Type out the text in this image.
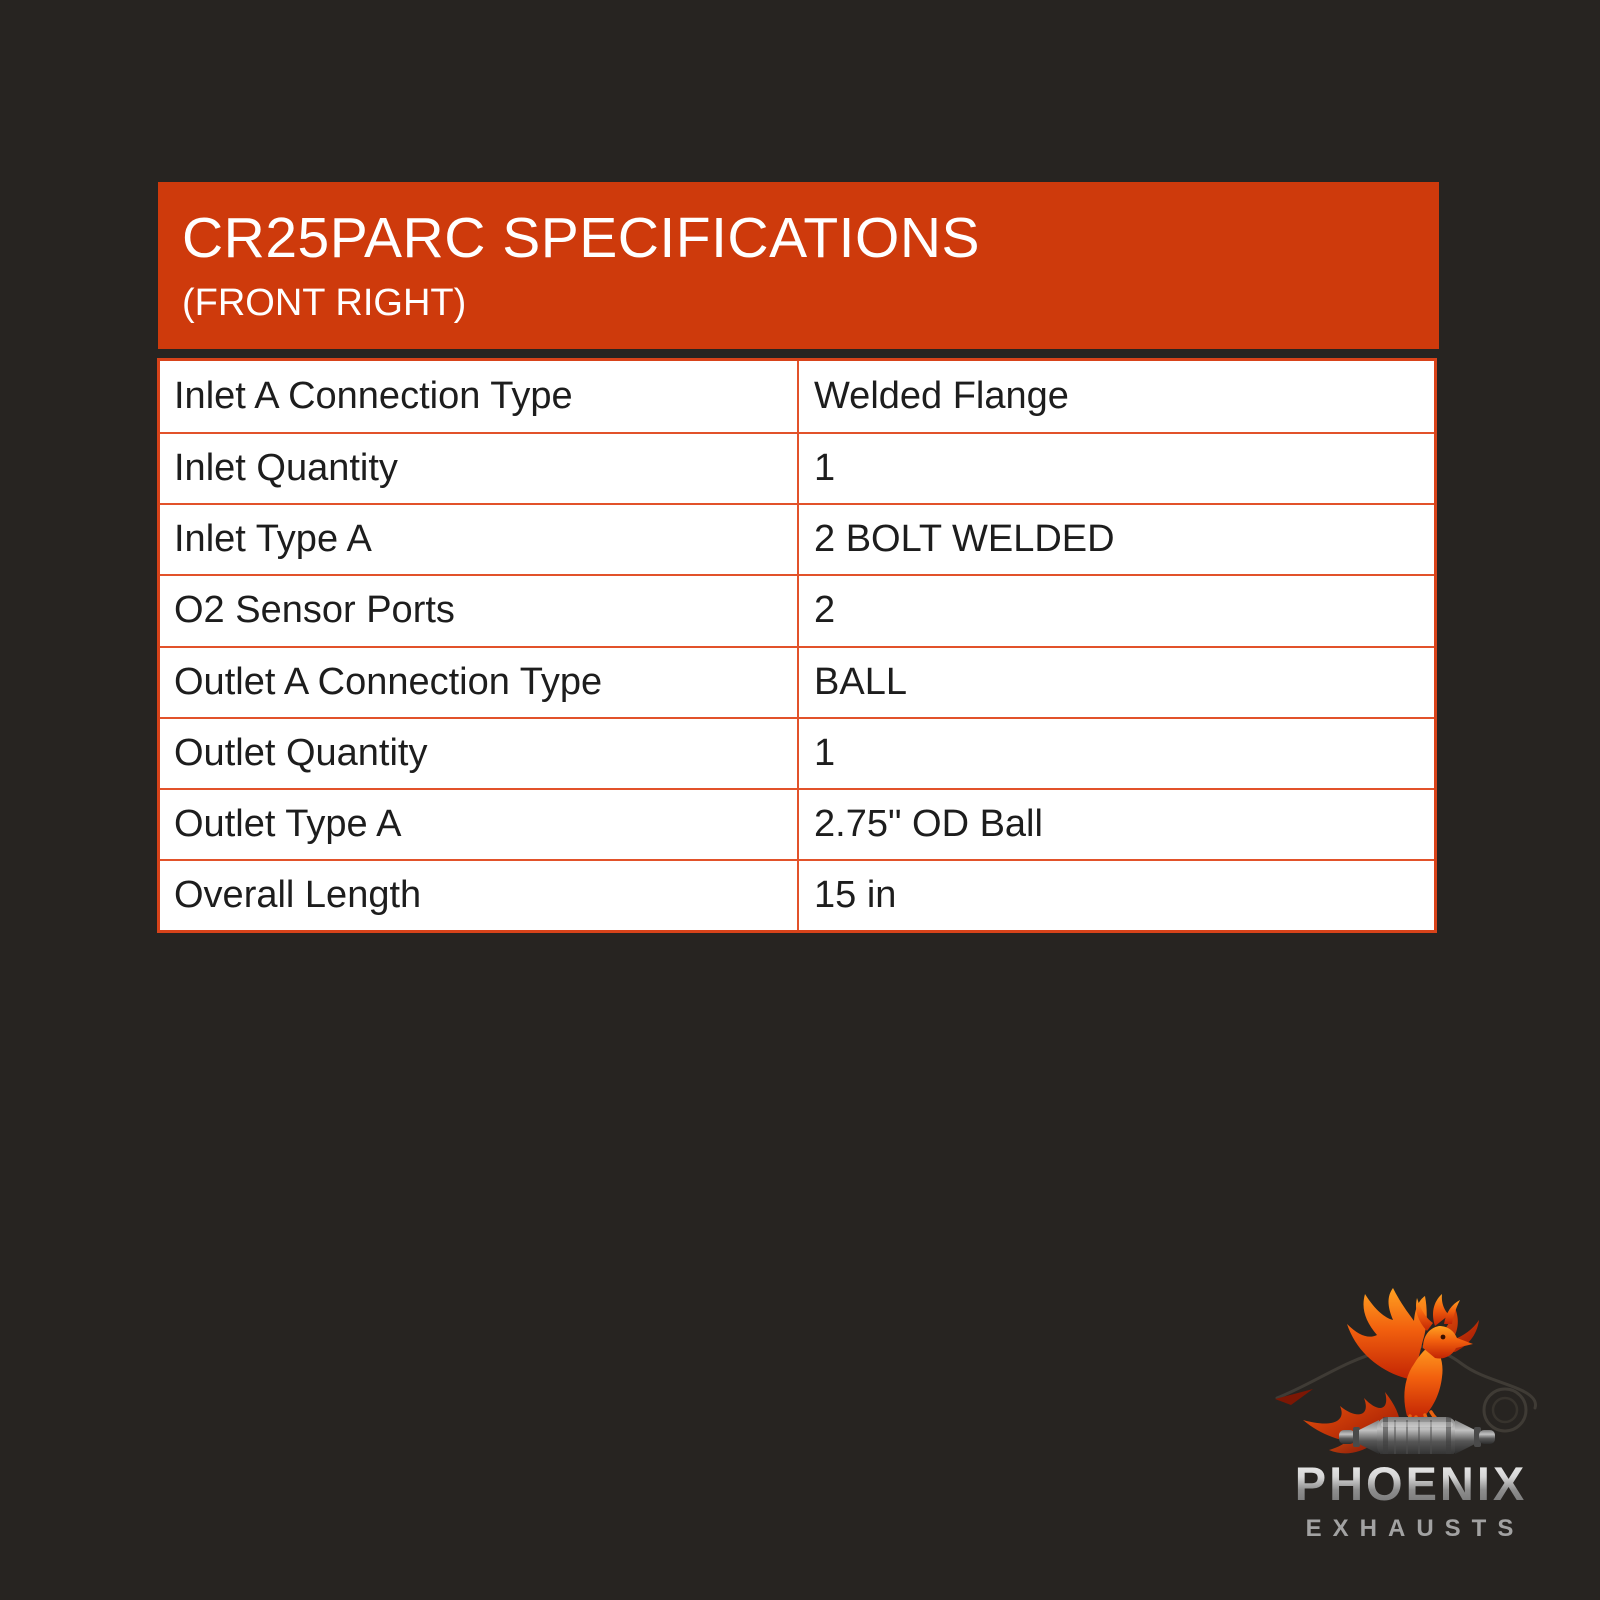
CR25PARC SPECIFICATIONS
(FRONT RIGHT)
Inlet A Connection Type	Welded Flange
Inlet Quantity	1
Inlet Type A	2 BOLT WELDED
O2 Sensor Ports	2
Outlet A Connection Type	BALL
Outlet Quantity	1
Outlet Type A	2.75" OD Ball
Overall Length	15 in
PHOENIX
EXHAUSTS
